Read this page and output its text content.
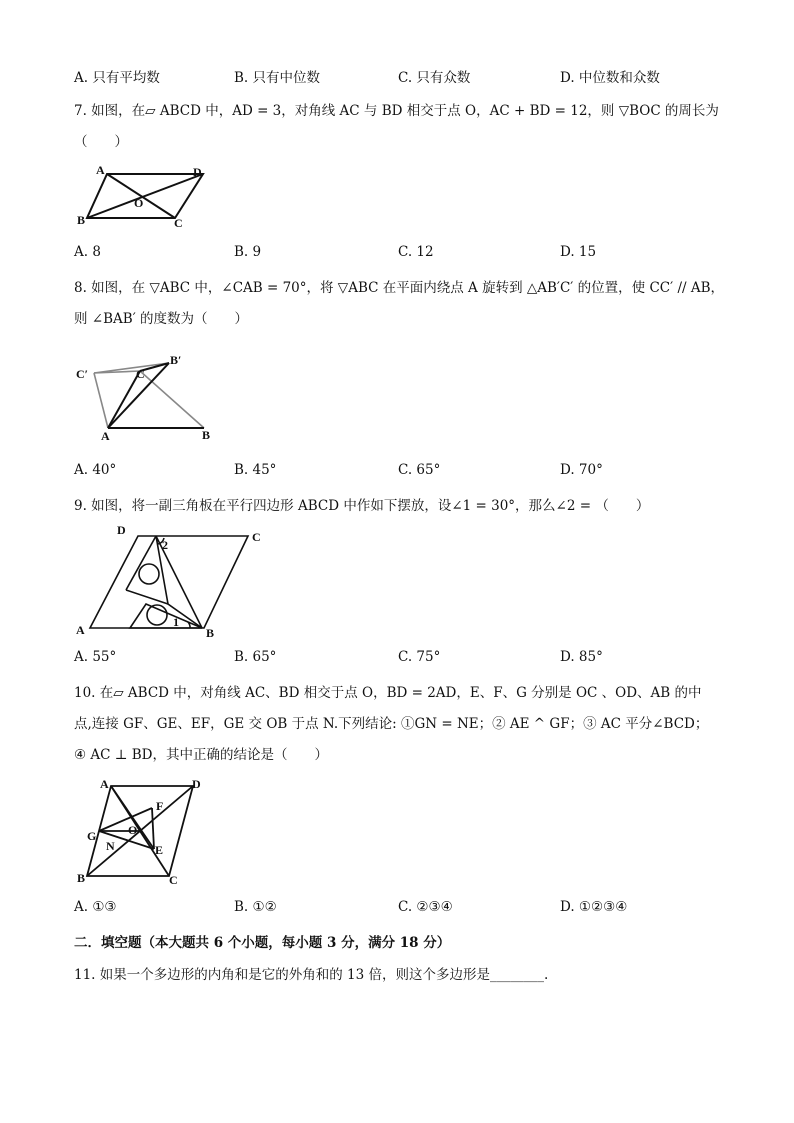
A. 只有平均数	B. 只有中位数	C. 只有众数	D. 中位数和众数
7. 如图，在▱ ABCD 中，AD = 3，对角线 AC 与 BD 相交于点 O，AC + BD = 12，则 ▽BOC 的周长为
（　　）
A	D
O
B	C
A. 8	B. 9	C. 12	D. 15
8. 如图，在 ▽ABC 中，∠CAB = 70°，将 ▽ABC 在平面内绕点 A 旋转到 △AB′C′ 的位置，使 CC′ // AB，
则 ∠BAB′ 的度数为（　　）
C′	C
B′
A	B
A. 40°	B. 45°	C. 65°	D. 70°
9. 如图，将一副三角板在平行四边形 ABCD 中作如下摆放，设∠1 = 30°，那么∠2 = （　　）
D	C
2
1
A	B
A. 55°	B. 65°	C. 75°	D. 85°
10. 在▱ ABCD 中，对角线 AC、BD 相交于点 O，BD = 2AD，E、F、G 分别是 OC 、OD、AB 的中
点,连接 GF、GE、EF，GE 交 OB 于点 N.下列结论: ①GN = NE；② AE ^ GF；③ AC 平分∠BCD；
④ AC ⊥ BD，其中正确的结论是（　　）
A	D
F
G	O
N	E
B	C
A. ①③	B. ①②	C. ②③④	D. ①②③④
二．填空题（本大题共 6 个小题，每小题 3 分，满分 18 分）
11. 如果一个多边形的内角和是它的外角和的 13 倍，则这个多边形是________.
